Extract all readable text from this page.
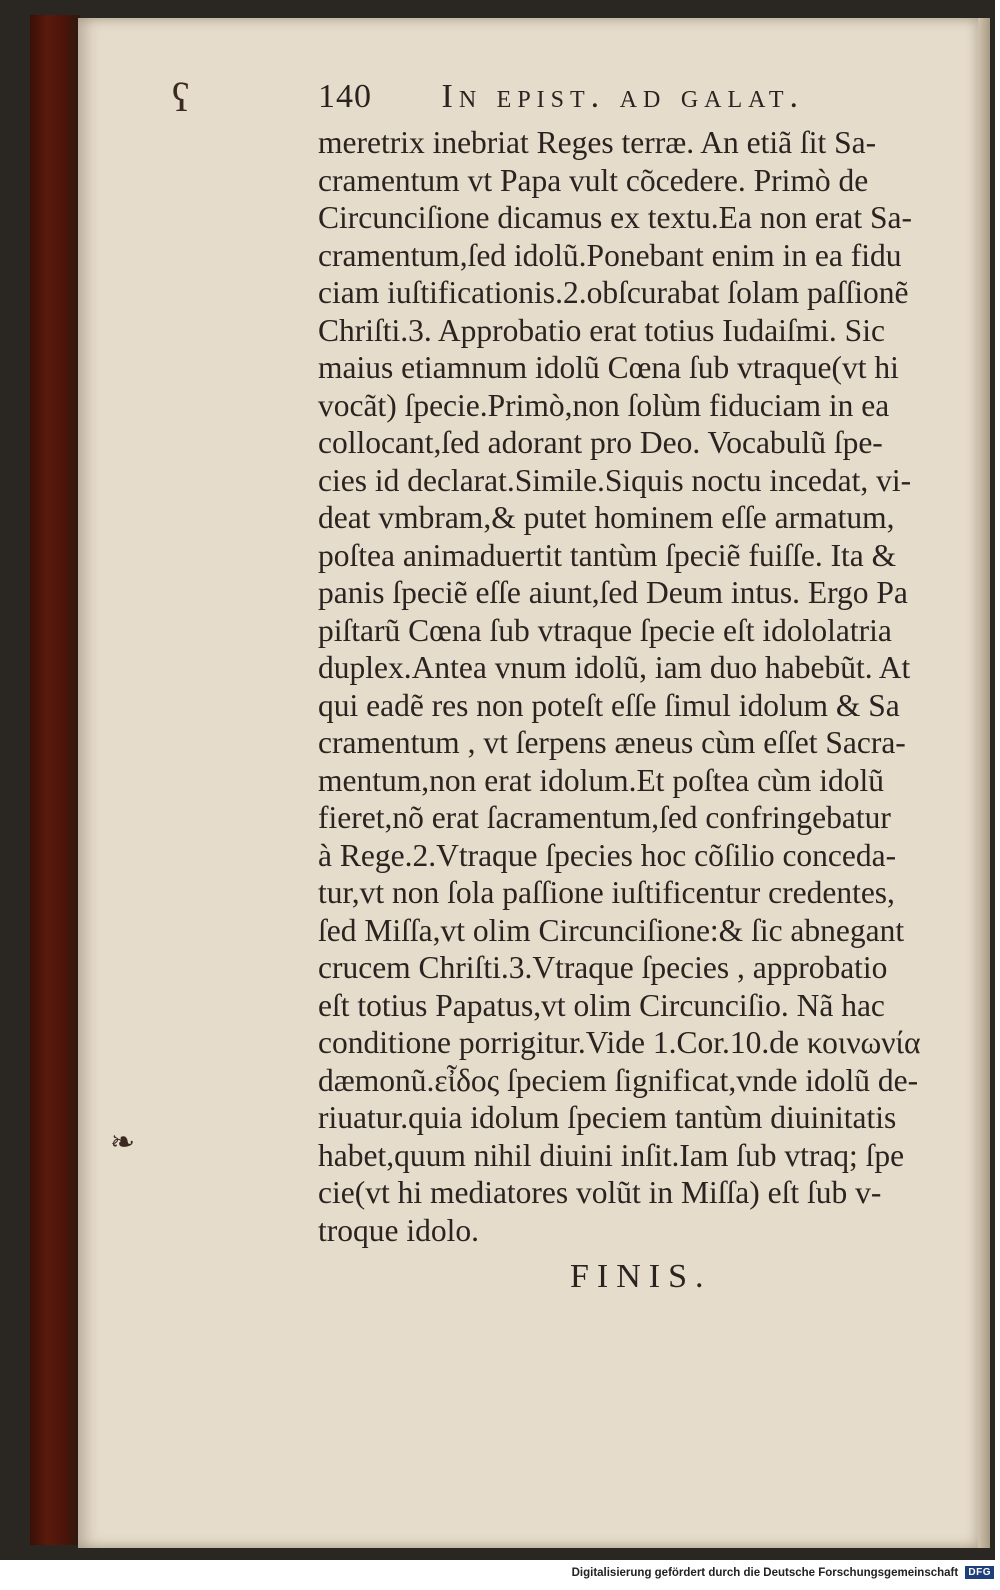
ʕ
❧
140 In epist. ad galat.
meretrix inebriat Reges terræ. An etiã ſit Sa-
cramentum vt Papa vult cõcedere. Primò de
Circunciſione dicamus ex textu.Ea non erat Sa-
cramentum,ſed idolũ.Ponebant enim in ea fidu
ciam iuſtificationis.2.obſcurabat ſolam paſſionẽ
Chriſti.3. Approbatio erat totius Iudaiſmi. Sic
maius etiamnum idolũ Cœna ſub vtraque(vt hi
vocãt) ſpecie.Primò,non ſolùm fiduciam in ea
collocant,ſed adorant pro Deo. Vocabulũ ſpe-
cies id declarat.Simile.Siquis noctu incedat, vi-
deat vmbram,& putet hominem eſſe armatum,
poſtea animaduertit tantùm ſpeciẽ fuiſſe. Ita &
panis ſpeciẽ eſſe aiunt,ſed Deum intus. Ergo Pa
piſtarũ Cœna ſub vtraque ſpecie eſt idololatria
duplex.Antea vnum idolũ, iam duo habebũt. At
qui eadẽ res non poteſt eſſe ſimul idolum & Sa
cramentum , vt ſerpens æneus cùm eſſet Sacra-
mentum,non erat idolum.Et poſtea cùm idolũ
fieret,nõ erat ſacramentum,ſed confringebatur
à Rege.2.Vtraque ſpecies hoc cõſilio conceda-
tur,vt non ſola paſſione iuſtificentur credentes,
ſed Miſſa,vt olim Circunciſione:& ſic abnegant
crucem Chriſti.3.Vtraque ſpecies , approbatio
eſt totius Papatus,vt olim Circunciſio. Nã hac
conditione porrigitur.Vide 1.Cor.10.de κοινωνία
dæmonũ.εἶδος ſpeciem ſignificat,vnde idolũ de-
riuatur.quia idolum ſpeciem tantùm diuinitatis
habet,quum nihil diuini inſit.Iam ſub vtraq; ſpe
cie(vt hi mediatores volũt in Miſſa) eſt ſub v-
troque idolo.
FINIS.
Digitalisierung gefördert durch die Deutsche Forschungsgemeinschaft DFG
